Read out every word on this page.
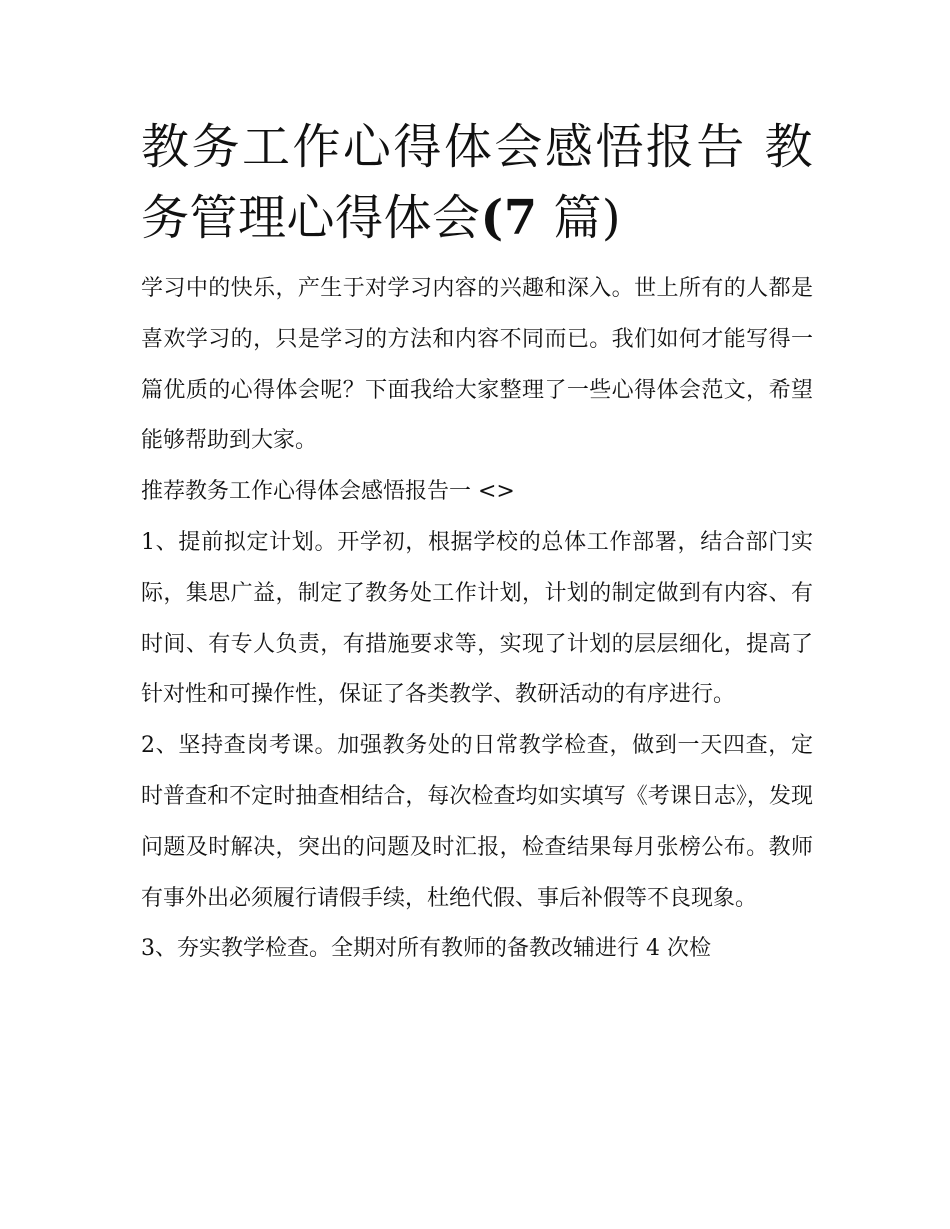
教务工作心得体会感悟报告 教务管理心得体会(7 篇)

学习中的快乐，产生于对学习内容的兴趣和深入。世上所有的人都是喜欢学习的，只是学习的方法和内容不同而已。我们如何才能写得一篇优质的心得体会呢？下面我给大家整理了一些心得体会范文，希望能够帮助到大家。

推荐教务工作心得体会感悟报告一 <>

1、提前拟定计划。开学初，根据学校的总体工作部署，结合部门实际，集思广益，制定了教务处工作计划，计划的制定做到有内容、有时间、有专人负责，有措施要求等，实现了计划的层层细化，提高了针对性和可操作性，保证了各类教学、教研活动的有序进行。

2、坚持查岗考课。加强教务处的日常教学检查，做到一天四查，定时普查和不定时抽查相结合，每次检查均如实填写《考课日志》，发现问题及时解决，突出的问题及时汇报，检查结果每月张榜公布。教师有事外出必须履行请假手续，杜绝代假、事后补假等不良现象。

3、夯实教学检查。全期对所有教师的备教改辅进行 4 次检
